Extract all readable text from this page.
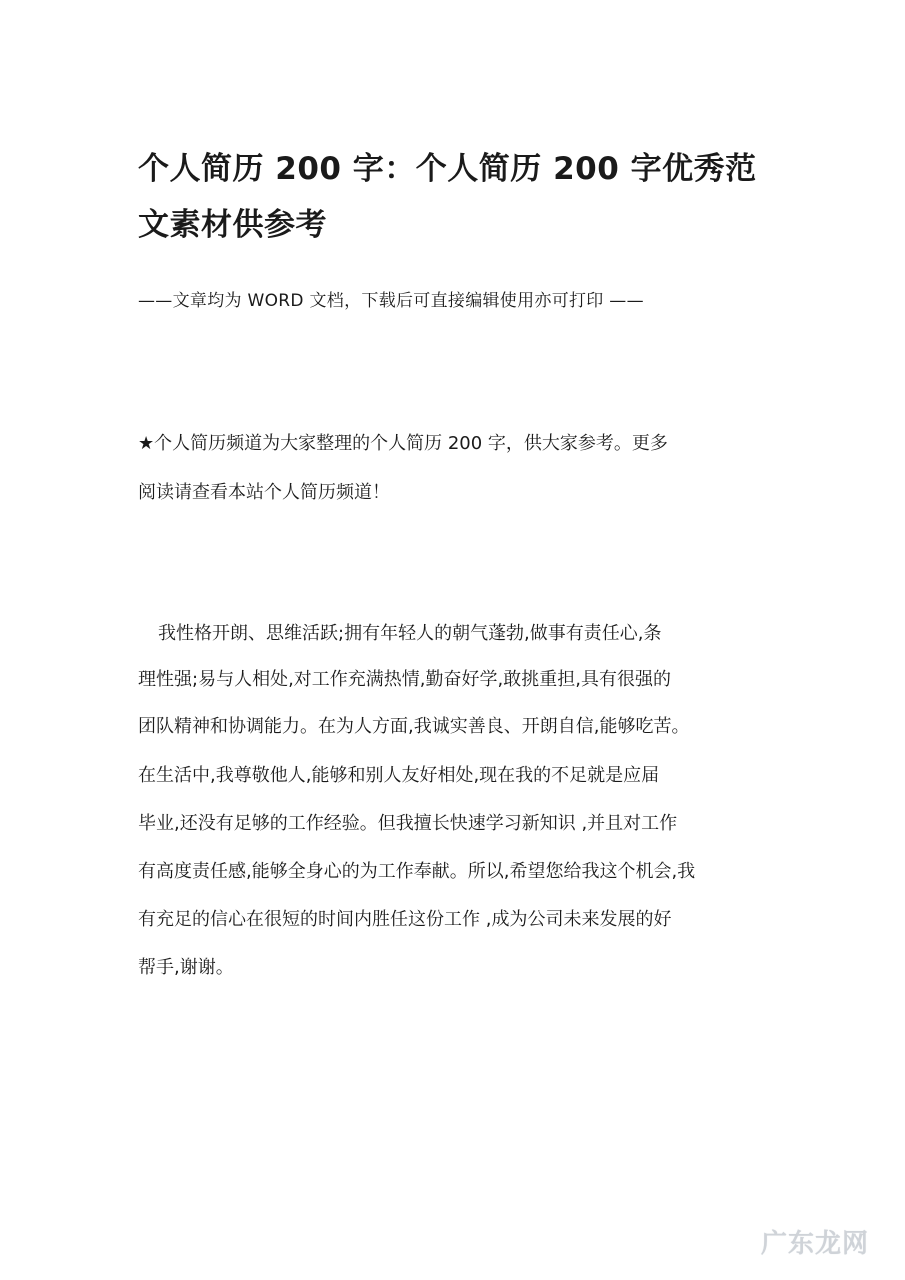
个人简历 200 字：个人简历 200 字优秀范
文素材供参考
——文章均为 WORD 文档，下载后可直接编辑使用亦可打印 ——
★个人简历频道为大家整理的个人简历 200 字，供大家参考。更多
阅读请查看本站个人简历频道！
我性格开朗、思维活跃;拥有年轻人的朝气蓬勃,做事有责任心,条
理性强;易与人相处,对工作充满热情,勤奋好学,敢挑重担,具有很强的
团队精神和协调能力。在为人方面,我诚实善良、开朗自信,能够吃苦。
在生活中,我尊敬他人,能够和别人友好相处,现在我的不足就是应届
毕业,还没有足够的工作经验。但我擅长快速学习新知识 ,并且对工作
有高度责任感,能够全身心的为工作奉献。所以,希望您给我这个机会,我
有充足的信心在很短的时间内胜任这份工作 ,成为公司未来发展的好
帮手,谢谢。
广东龙网
